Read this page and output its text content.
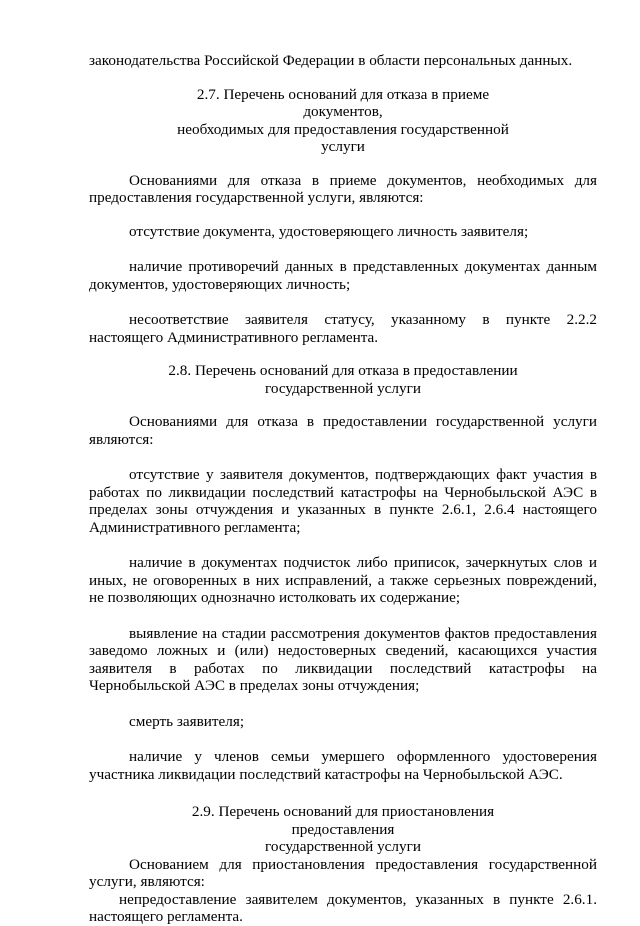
законодательства Российской Федерации в области персональных данных.

2.7. Перечень оснований для отказа в приеме документов,
необходимых для предоставления государственной услуги

Основаниями для отказа в приеме документов, необходимых для предоставления государственной услуги, являются:

отсутствие документа, удостоверяющего личность заявителя;

наличие противоречий данных в представленных документах данным документов, удостоверяющих личность;

несоответствие заявителя статусу, указанному в пункте 2.2.2 настоящего Административного регламента.

2.8. Перечень оснований для отказа в предоставлении
государственной услуги

Основаниями для отказа в предоставлении государственной услуги являются:

отсутствие у заявителя документов, подтверждающих факт участия в работах по ликвидации последствий катастрофы на Чернобыльской АЭС в пределах зоны отчуждения и указанных в пункте 2.6.1, 2.6.4 настоящего Административного регламента;

наличие в документах подчисток либо приписок, зачеркнутых слов и иных, не оговоренных в них исправлений, а также серьезных повреждений, не позволяющих однозначно истолковать их содержание;

выявление на стадии рассмотрения документов фактов предоставления заведомо ложных и (или) недостоверных сведений, касающихся участия заявителя в работах по ликвидации последствий катастрофы на Чернобыльской АЭС в пределах зоны отчуждения;

смерть заявителя;

наличие у членов семьи умершего оформленного удостоверения участника ликвидации последствий катастрофы на Чернобыльской АЭС.

2.9. Перечень оснований для приостановления предоставления
государственной услуги

Основанием для приостановления предоставления государственной услуги, являются:

непредоставление заявителем документов, указанных в пункте 2.6.1. настоящего регламента.
